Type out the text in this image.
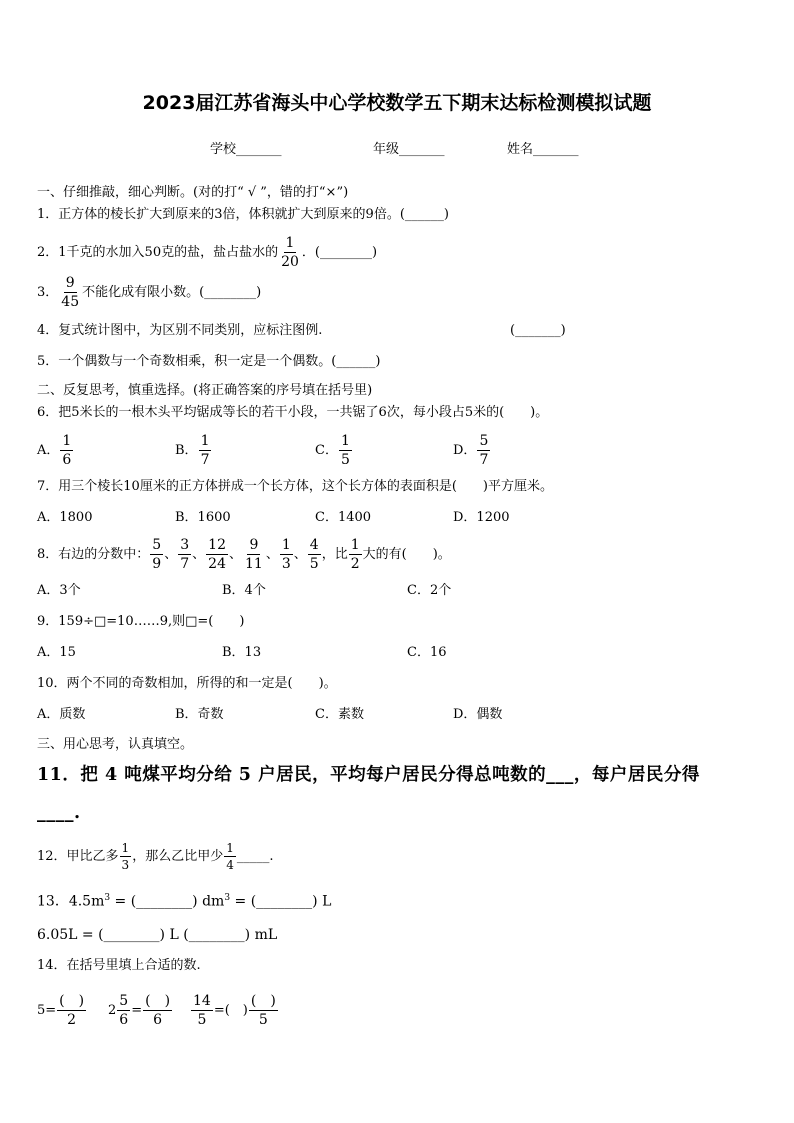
2023届江苏省海头中心学校数学五下期末达标检测模拟试题
学校_______	年级_______	姓名_______
一、仔细推敲，细心判断。(对的打“ √ ”，错的打“×”)
1．正方体的棱长扩大到原来的3倍，体积就扩大到原来的9倍。(______)
2．1千克的水加入50克的盐，盐占盐水的 $\frac{1}{20}$ ．(________)
3． $\frac{9}{45}$ 不能化成有限小数。(________)
4．复式统计图中，为区别不同类别，应标注图例.	(_______)
5．一个偶数与一个奇数相乘，积一定是一个偶数。(______)
二、反复思考，慎重选择。(将正确答案的序号填在括号里)
6．把5米长的一根木头平均锯成等长的若干小段，一共锯了6次，每小段占5米的(　　)。
A． $\frac{1}{6}$	B． $\frac{1}{7}$	C． $\frac{1}{5}$	D． $\frac{5}{7}$
7．用三个棱长10厘米的正方体拼成一个长方体，这个长方体的表面积是(　　)平方厘米。
A．1800	B．1600	C．1400	D．1200
8．右边的分数中： $\frac{5}{9}$ 、 $\frac{3}{7}$ 、 $\frac{12}{24}$ 、 $\frac{9}{11}$ 、 $\frac{1}{3}$ 、 $\frac{4}{5}$ ，比 $\frac{1}{2}$ 大的有(　　)。
A．3个	B．4个	C．2个
9．159÷□=10……9,则□=(　　)
A．15	B．13	C．16
10．两个不同的奇数相加，所得的和一定是(　　)。
A．质数	B．奇数	C．素数	D．偶数
三、用心思考，认真填空。
11．把 4 吨煤平均分给 5 户居民，平均每户居民分得总吨数的___，每户居民分得
____.
12．甲比乙多 $\frac{1}{3}$ ，那么乙比甲少 $\frac{1}{4}$ _____.
13．$4.5m^3$ = (________) $dm^3$ = (________) L
6.05L = (________) L (________) mL
14．在括号里填上合适的数.
$5= \frac{( )}{2} 2 \frac{5}{6} = \frac{( )}{6} \frac{14}{5}$ =(　) $\frac{( )}{5}$
